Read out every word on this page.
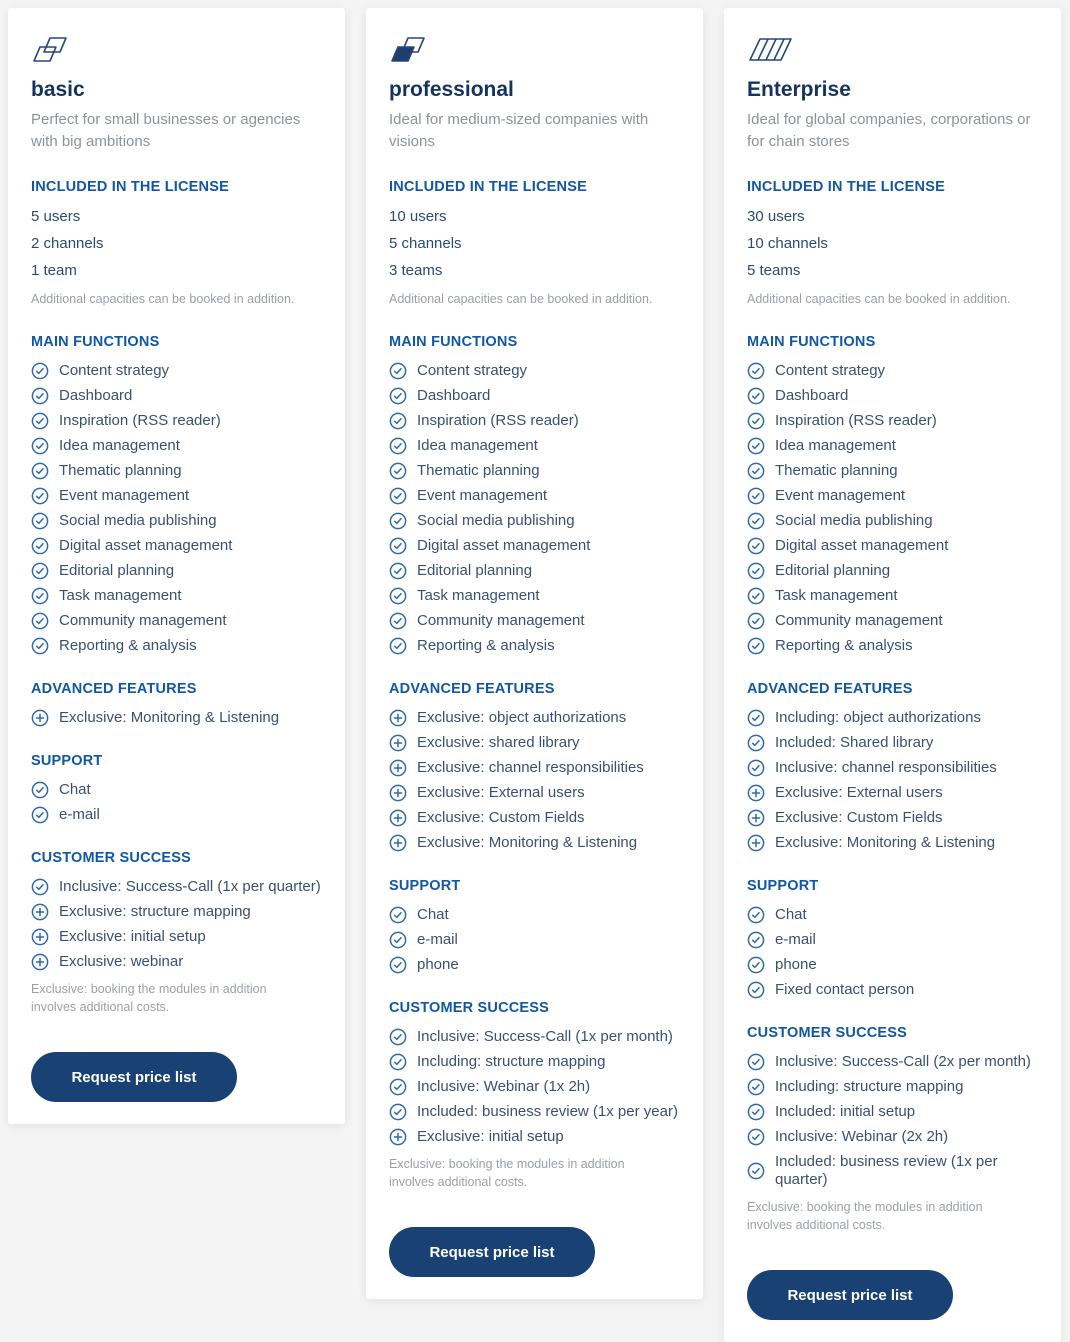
basic

Perfect for small businesses or agencies with big ambitions

INCLUDED IN THE LICENSE
5 users
2 channels
1 team

Additional capacities can be booked in addition.

MAIN FUNCTIONS
Content strategy
Dashboard
Inspiration (RSS reader)
Idea management
Thematic planning
Event management
Social media publishing
Digital asset management
Editorial planning
Task management
Community management
Reporting & analysis
ADVANCED FEATURES
Exclusive: Monitoring & Listening
SUPPORT
Chat
e-mail
CUSTOMER SUCCESS
Inclusive: Success-Call (1x per quarter)
Exclusive: structure mapping
Exclusive: initial setup
Exclusive: webinar

Exclusive: booking the modules in addition involves additional costs.

Request price list
professional

Ideal for medium-sized companies with visions

INCLUDED IN THE LICENSE
10 users
5 channels
3 teams

Additional capacities can be booked in addition.

MAIN FUNCTIONS
Content strategy
Dashboard
Inspiration (RSS reader)
Idea management
Thematic planning
Event management
Social media publishing
Digital asset management
Editorial planning
Task management
Community management
Reporting & analysis
ADVANCED FEATURES
Exclusive: object authorizations
Exclusive: shared library
Exclusive: channel responsibilities
Exclusive: External users
Exclusive: Custom Fields
Exclusive: Monitoring & Listening
SUPPORT
Chat
e-mail
phone
CUSTOMER SUCCESS
Inclusive: Success-Call (1x per month)
Including: structure mapping
Inclusive: Webinar (1x 2h)
Included: business review (1x per year)
Exclusive: initial setup

Exclusive: booking the modules in addition involves additional costs.

Request price list
Enterprise

Ideal for global companies, corporations or for chain stores

INCLUDED IN THE LICENSE
30 users
10 channels
5 teams

Additional capacities can be booked in addition.

MAIN FUNCTIONS
Content strategy
Dashboard
Inspiration (RSS reader)
Idea management
Thematic planning
Event management
Social media publishing
Digital asset management
Editorial planning
Task management
Community management
Reporting & analysis
ADVANCED FEATURES
Including: object authorizations
Included: Shared library
Inclusive: channel responsibilities
Exclusive: External users
Exclusive: Custom Fields
Exclusive: Monitoring & Listening
SUPPORT
Chat
e-mail
phone
Fixed contact person
CUSTOMER SUCCESS
Inclusive: Success-Call (2x per month)
Including: structure mapping
Included: initial setup
Inclusive: Webinar (2x 2h)
Included: business review (1x per quarter)

Exclusive: booking the modules in addition involves additional costs.

Request price list
